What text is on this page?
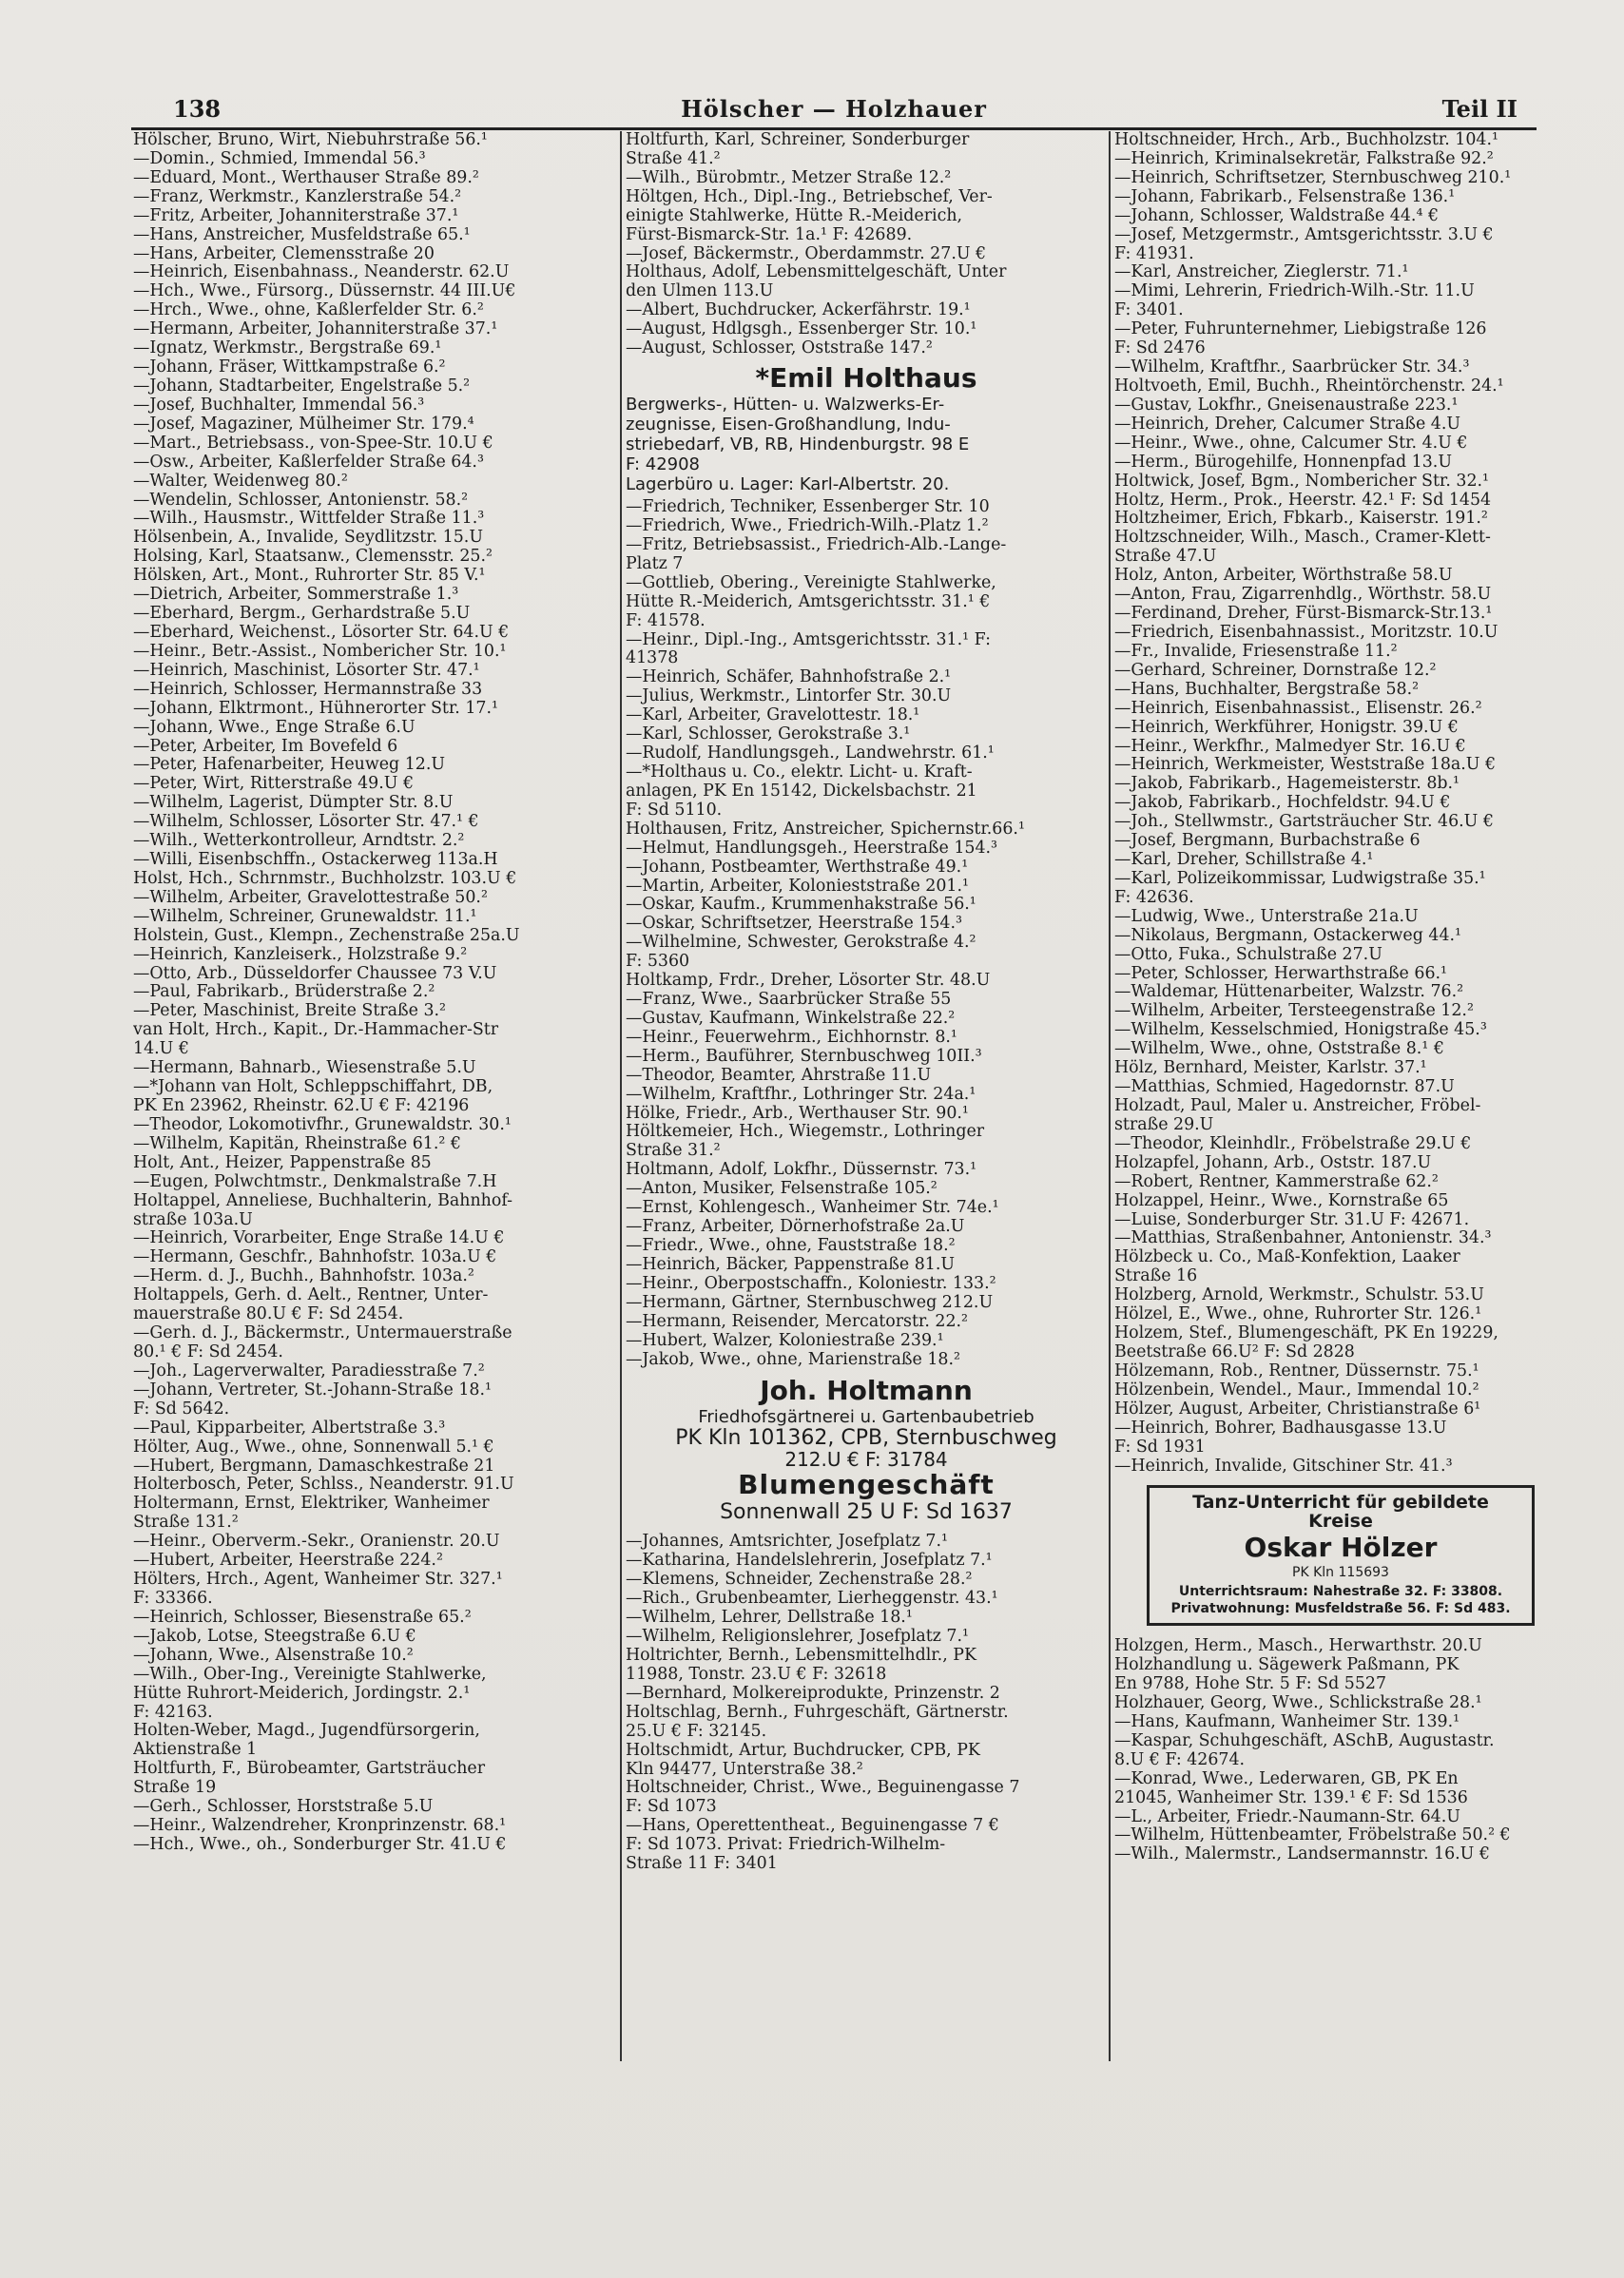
138	Hölscher — Holzhauer	Teil II
Hölscher, Bruno, Wirt, Niebuhrstraße 56.¹
—Domin., Schmied, Immendal 56.³
—Eduard, Mont., Werthauser Straße 89.²
—Franz, Werkmstr., Kanzlerstraße 54.²
—Fritz, Arbeiter, Johanniterstraße 37.¹
—Hans, Anstreicher, Musfeldstraße 65.¹
—Hans, Arbeiter, Clemensstraße 20
—Heinrich, Eisenbahnass., Neanderstr. 62.U
—Hch., Wwe., Fürsorg., Düssernstr. 44 III.U€
—Hrch., Wwe., ohne, Kaßlerfelder Str. 6.²
—Hermann, Arbeiter, Johanniterstraße 37.¹
—Ignatz, Werkmstr., Bergstraße 69.¹
—Johann, Fräser, Wittkampstraße 6.²
—Johann, Stadtarbeiter, Engelstraße 5.²
—Josef, Buchhalter, Immendal 56.³
—Josef, Magaziner, Mülheimer Str. 179.⁴
—Mart., Betriebsass., von-Spee-Str. 10.U €
—Osw., Arbeiter, Kaßlerfelder Straße 64.³
—Walter, Weidenweg 80.²
—Wendelin, Schlosser, Antonienstr. 58.²
—Wilh., Hausmstr., Wittfelder Straße 11.³
Hölsenbein, A., Invalide, Seydlitzstr. 15.U
Holsing, Karl, Staatsanw., Clemensstr. 25.²
Hölsken, Art., Mont., Ruhrorter Str. 85 V.¹
—Dietrich, Arbeiter, Sommerstraße 1.³
—Eberhard, Bergm., Gerhardstraße 5.U
—Eberhard, Weichenst., Lösorter Str. 64.U €
—Heinr., Betr.-Assist., Nombericher Str. 10.¹
—Heinrich, Maschinist, Lösorter Str. 47.¹
—Heinrich, Schlosser, Hermannstraße 33
—Johann, Elktrmont., Hühnerorter Str. 17.¹
—Johann, Wwe., Enge Straße 6.U
—Peter, Arbeiter, Im Bovefeld 6
—Peter, Hafenarbeiter, Heuweg 12.U
—Peter, Wirt, Ritterstraße 49.U €
—Wilhelm, Lagerist, Dümpter Str. 8.U
—Wilhelm, Schlosser, Lösorter Str. 47.¹ €
—Wilh., Wetterkontrolleur, Arndtstr. 2.²
—Willi, Eisenbschffn., Ostackerweg 113a.H
Holst, Hch., Schrnmstr., Buchholzstr. 103.U €
—Wilhelm, Arbeiter, Gravelottestraße 50.²
—Wilhelm, Schreiner, Grunewaldstr. 11.¹
Holstein, Gust., Klempn., Zechenstraße 25a.U
—Heinrich, Kanzleiserk., Holzstraße 9.²
—Otto, Arb., Düsseldorfer Chaussee 73 V.U
—Paul, Fabrikarb., Brüderstraße 2.²
—Peter, Maschinist, Breite Straße 3.²
van Holt, Hrch., Kapit., Dr.-Hammacher-Str
14.U €
—Hermann, Bahnarb., Wiesenstraße 5.U
—*Johann van Holt, Schleppschiffahrt, DB,
PK En 23962, Rheinstr. 62.U € F: 42196
—Theodor, Lokomotivfhr., Grunewaldstr. 30.¹
—Wilhelm, Kapitän, Rheinstraße 61.² €
Holt, Ant., Heizer, Pappenstraße 85
—Eugen, Polwchtmstr., Denkmalstraße 7.H
Holtappel, Anneliese, Buchhalterin, Bahnhof-
straße 103a.U
—Heinrich, Vorarbeiter, Enge Straße 14.U €
—Hermann, Geschfr., Bahnhofstr. 103a.U €
—Herm. d. J., Buchh., Bahnhofstr. 103a.²
Holtappels, Gerh. d. Aelt., Rentner, Unter-
mauerstraße 80.U € F: Sd 2454.
—Gerh. d. J., Bäckermstr., Untermauerstraße
80.¹ € F: Sd 2454.
—Joh., Lagerverwalter, Paradiesstraße 7.²
—Johann, Vertreter, St.-Johann-Straße 18.¹
F: Sd 5642.
—Paul, Kipparbeiter, Albertstraße 3.³
Hölter, Aug., Wwe., ohne, Sonnenwall 5.¹ €
—Hubert, Bergmann, Damaschkestraße 21
Holterbosch, Peter, Schlss., Neanderstr. 91.U
Holtermann, Ernst, Elektriker, Wanheimer
Straße 131.²
—Heinr., Oberverm.-Sekr., Oranienstr. 20.U
—Hubert, Arbeiter, Heerstraße 224.²
Hölters, Hrch., Agent, Wanheimer Str. 327.¹
F: 33366.
—Heinrich, Schlosser, Biesenstraße 65.²
—Jakob, Lotse, Steegstraße 6.U €
—Johann, Wwe., Alsenstraße 10.²
—Wilh., Ober-Ing., Vereinigte Stahlwerke,
Hütte Ruhrort-Meiderich, Jordingstr. 2.¹
F: 42163.
Holten-Weber, Magd., Jugendfürsorgerin,
Aktienstraße 1
Holtfurth, F., Bürobeamter, Gartsträucher
Straße 19
—Gerh., Schlosser, Horststraße 5.U
—Heinr., Walzendreher, Kronprinzenstr. 68.¹
—Hch., Wwe., oh., Sonderburger Str. 41.U €
Holtfurth, Karl, Schreiner, Sonderburger
Straße 41.²
—Wilh., Bürobmtr., Metzer Straße 12.²
Höltgen, Hch., Dipl.-Ing., Betriebschef, Ver-
einigte Stahlwerke, Hütte R.-Meiderich,
Fürst-Bismarck-Str. 1a.¹ F: 42689.
—Josef, Bäckermstr., Oberdammstr. 27.U €
Holthaus, Adolf, Lebensmittelgeschäft, Unter
den Ulmen 113.U
—Albert, Buchdrucker, Ackerfährstr. 19.¹
—August, Hdlgsgh., Essenberger Str. 10.¹
—August, Schlosser, Oststraße 147.²
*Emil Holthaus
Bergwerks-, Hütten- u. Walzwerks-Er-
zeugnisse, Eisen-Großhandlung, Indu-
striebedarf, VB, RB, Hindenburgstr. 98 E
F: 42908
Lagerbüro u. Lager: Karl-Albertstr. 20.
—Friedrich, Techniker, Essenberger Str. 10
—Friedrich, Wwe., Friedrich-Wilh.-Platz 1.²
—Fritz, Betriebsassist., Friedrich-Alb.-Lange-
Platz 7
—Gottlieb, Obering., Vereinigte Stahlwerke,
Hütte R.-Meiderich, Amtsgerichtsstr. 31.¹ €
F: 41578.
—Heinr., Dipl.-Ing., Amtsgerichtsstr. 31.¹ F:
41378
—Heinrich, Schäfer, Bahnhofstraße 2.¹
—Julius, Werkmstr., Lintorfer Str. 30.U
—Karl, Arbeiter, Gravelottestr. 18.¹
—Karl, Schlosser, Gerokstraße 3.¹
—Rudolf, Handlungsgeh., Landwehrstr. 61.¹
—*Holthaus u. Co., elektr. Licht- u. Kraft-
anlagen, PK En 15142, Dickelsbachstr. 21
F: Sd 5110.
Holthausen, Fritz, Anstreicher, Spichernstr.66.¹
—Helmut, Handlungsgeh., Heerstraße 154.³
—Johann, Postbeamter, Werthstraße 49.¹
—Martin, Arbeiter, Kolonieststraße 201.¹
—Oskar, Kaufm., Krummenhakstraße 56.¹
—Oskar, Schriftsetzer, Heerstraße 154.³
—Wilhelmine, Schwester, Gerokstraße 4.²
F: 5360
Holtkamp, Frdr., Dreher, Lösorter Str. 48.U
—Franz, Wwe., Saarbrücker Straße 55
—Gustav, Kaufmann, Winkelstraße 22.²
—Heinr., Feuerwehrm., Eichhornstr. 8.¹
—Herm., Bauführer, Sternbuschweg 10II.³
—Theodor, Beamter, Ahrstraße 11.U
—Wilhelm, Kraftfhr., Lothringer Str. 24a.¹
Hölke, Friedr., Arb., Werthauser Str. 90.¹
Höltkemeier, Hch., Wiegemstr., Lothringer
Straße 31.²
Holtmann, Adolf, Lokfhr., Düssernstr. 73.¹
—Anton, Musiker, Felsenstraße 105.²
—Ernst, Kohlengesch., Wanheimer Str. 74e.¹
—Franz, Arbeiter, Dörnerhofstraße 2a.U
—Friedr., Wwe., ohne, Fauststraße 18.²
—Heinrich, Bäcker, Pappenstraße 81.U
—Heinr., Oberpostschaffn., Koloniestr. 133.²
—Hermann, Gärtner, Sternbuschweg 212.U
—Hermann, Reisender, Mercatorstr. 22.²
—Hubert, Walzer, Koloniestraße 239.¹
—Jakob, Wwe., ohne, Marienstraße 18.²
Joh. Holtmann
Friedhofsgärtnerei u. Gartenbaubetrieb
PK Kln 101362, CPB, Sternbuschweg
212.U € F: 31784
Blumengeschäft
Sonnenwall 25 U F: Sd 1637
—Johannes, Amtsrichter, Josefplatz 7.¹
—Katharina, Handelslehrerin, Josefplatz 7.¹
—Klemens, Schneider, Zechenstraße 28.²
—Rich., Grubenbeamter, Lierheggenstr. 43.¹
—Wilhelm, Lehrer, Dellstraße 18.¹
—Wilhelm, Religionslehrer, Josefplatz 7.¹
Holtrichter, Bernh., Lebensmittelhdlr., PK
11988, Tonstr. 23.U € F: 32618
—Bernhard, Molkereiprodukte, Prinzenstr. 2
Holtschlag, Bernh., Fuhrgeschäft, Gärtnerstr.
25.U € F: 32145.
Holtschmidt, Artur, Buchdrucker, CPB, PK
Kln 94477, Unterstraße 38.²
Holtschneider, Christ., Wwe., Beguinengasse 7
F: Sd 1073
—Hans, Operettentheat., Beguinengasse 7 €
F: Sd 1073. Privat: Friedrich-Wilhelm-
Straße 11 F: 3401
Holtschneider, Hrch., Arb., Buchholzstr. 104.¹
—Heinrich, Kriminalsekretär, Falkstraße 92.²
—Heinrich, Schriftsetzer, Sternbuschweg 210.¹
—Johann, Fabrikarb., Felsenstraße 136.¹
—Johann, Schlosser, Waldstraße 44.⁴ €
—Josef, Metzgermstr., Amtsgerichtsstr. 3.U €
F: 41931.
—Karl, Anstreicher, Zieglerstr. 71.¹
—Mimi, Lehrerin, Friedrich-Wilh.-Str. 11.U
F: 3401.
—Peter, Fuhrunternehmer, Liebigstraße 126
F: Sd 2476
—Wilhelm, Kraftfhr., Saarbrücker Str. 34.³
Holtvoeth, Emil, Buchh., Rheintörchenstr. 24.¹
—Gustav, Lokfhr., Gneisenaustraße 223.¹
—Heinrich, Dreher, Calcumer Straße 4.U
—Heinr., Wwe., ohne, Calcumer Str. 4.U €
—Herm., Bürogehilfe, Honnenpfad 13.U
Holtwick, Josef, Bgm., Nombericher Str. 32.¹
Holtz, Herm., Prok., Heerstr. 42.¹ F: Sd 1454
Holtzheimer, Erich, Fbkarb., Kaiserstr. 191.²
Holtzschneider, Wilh., Masch., Cramer-Klett-
Straße 47.U
Holz, Anton, Arbeiter, Wörthstraße 58.U
—Anton, Frau, Zigarrenhdlg., Wörthstr. 58.U
—Ferdinand, Dreher, Fürst-Bismarck-Str.13.¹
—Friedrich, Eisenbahnassist., Moritzstr. 10.U
—Fr., Invalide, Friesenstraße 11.²
—Gerhard, Schreiner, Dornstraße 12.²
—Hans, Buchhalter, Bergstraße 58.²
—Heinrich, Eisenbahnassist., Elisenstr. 26.²
—Heinrich, Werkführer, Honigstr. 39.U €
—Heinr., Werkfhr., Malmedyer Str. 16.U €
—Heinrich, Werkmeister, Weststraße 18a.U €
—Jakob, Fabrikarb., Hagemeisterstr. 8b.¹
—Jakob, Fabrikarb., Hochfeldstr. 94.U €
—Joh., Stellwmstr., Gartsträucher Str. 46.U €
—Josef, Bergmann, Burbachstraße 6
—Karl, Dreher, Schillstraße 4.¹
—Karl, Polizeikommissar, Ludwigstraße 35.¹
F: 42636.
—Ludwig, Wwe., Unterstraße 21a.U
—Nikolaus, Bergmann, Ostackerweg 44.¹
—Otto, Fuka., Schulstraße 27.U
—Peter, Schlosser, Herwarthstraße 66.¹
—Waldemar, Hüttenarbeiter, Walzstr. 76.²
—Wilhelm, Arbeiter, Tersteegenstraße 12.²
—Wilhelm, Kesselschmied, Honigstraße 45.³
—Wilhelm, Wwe., ohne, Oststraße 8.¹ €
Hölz, Bernhard, Meister, Karlstr. 37.¹
—Matthias, Schmied, Hagedornstr. 87.U
Holzadt, Paul, Maler u. Anstreicher, Fröbel-
straße 29.U
—Theodor, Kleinhdlr., Fröbelstraße 29.U €
Holzapfel, Johann, Arb., Oststr. 187.U
—Robert, Rentner, Kammerstraße 62.²
Holzappel, Heinr., Wwe., Kornstraße 65
—Luise, Sonderburger Str. 31.U F: 42671.
—Matthias, Straßenbahner, Antonienstr. 34.³
Hölzbeck u. Co., Maß-Konfektion, Laaker
Straße 16
Holzberg, Arnold, Werkmstr., Schulstr. 53.U
Hölzel, E., Wwe., ohne, Ruhrorter Str. 126.¹
Holzem, Stef., Blumengeschäft, PK En 19229,
Beetstraße 66.U² F: Sd 2828
Hölzemann, Rob., Rentner, Düssernstr. 75.¹
Hölzenbein, Wendel., Maur., Immendal 10.²
Hölzer, August, Arbeiter, Christianstraße 6¹
—Heinrich, Bohrer, Badhausgasse 13.U
F: Sd 1931
—Heinrich, Invalide, Gitschiner Str. 41.³
Tanz-Unterricht für gebildete Kreise
Oskar Hölzer
PK Kln 115693
Unterrichtsraum: Nahestraße 32. F: 33808.
Privatwohnung: Musfeldstraße 56. F: Sd 483.
Holzgen, Herm., Masch., Herwarthstr. 20.U
Holzhandlung u. Sägewerk Paßmann, PK
En 9788, Hohe Str. 5 F: Sd 5527
Holzhauer, Georg, Wwe., Schlickstraße 28.¹
—Hans, Kaufmann, Wanheimer Str. 139.¹
—Kaspar, Schuhgeschäft, ASchB, Augustastr.
8.U € F: 42674.
—Konrad, Wwe., Lederwaren, GB, PK En
21045, Wanheimer Str. 139.¹ € F: Sd 1536
—L., Arbeiter, Friedr.-Naumann-Str. 64.U
—Wilhelm, Hüttenbeamter, Fröbelstraße 50.² €
—Wilh., Malermstr., Landsermannstr. 16.U €
